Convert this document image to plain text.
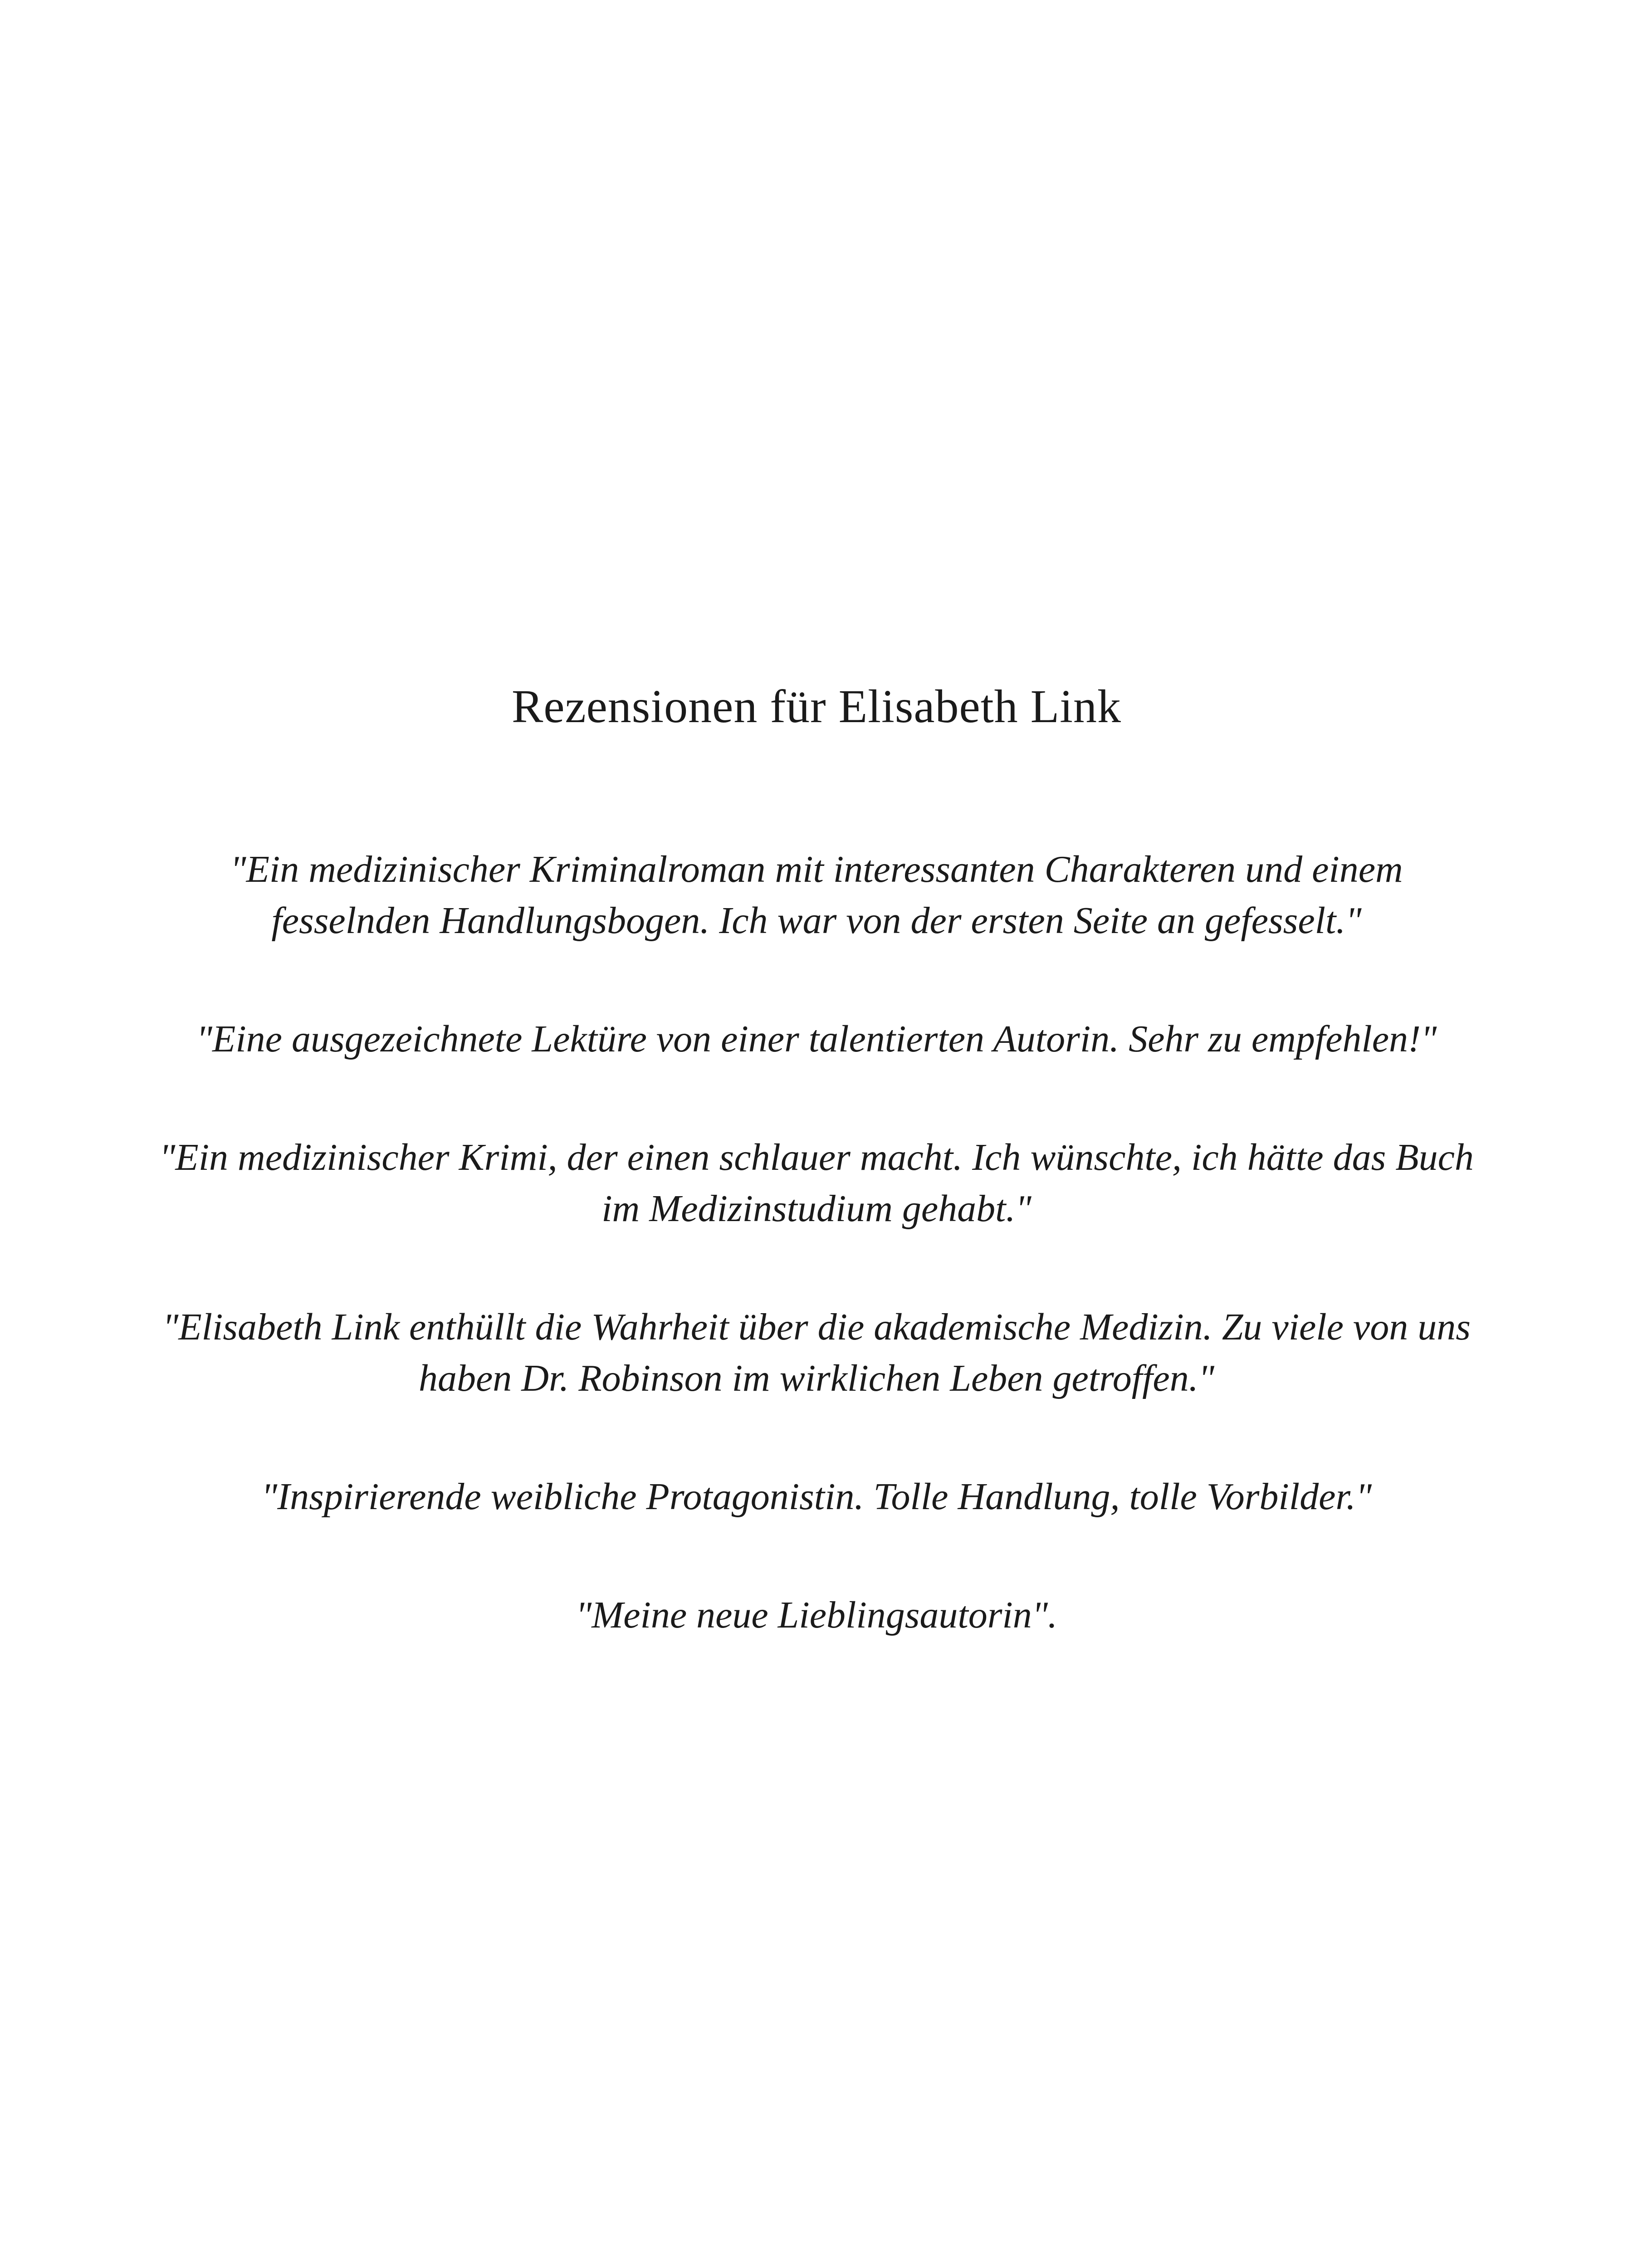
Rezensionen für Elisabeth Link
"Ein medizinischer Kriminalroman mit interessanten Charakteren und einem fesselnden Handlungsbogen. Ich war von der ersten Seite an gefesselt."
"Eine ausgezeichnete Lektüre von einer talentierten Autorin. Sehr zu empfehlen!"
"Ein medizinischer Krimi, der einen schlauer macht. Ich wünschte, ich hätte das Buch im Medizinstudium gehabt."
"Elisabeth Link enthüllt die Wahrheit über die akademische Medizin. Zu viele von uns haben Dr. Robinson im wirklichen Leben getroffen."
"Inspirierende weibliche Protagonistin. Tolle Handlung, tolle Vorbilder."
"Meine neue Lieblingsautorin".
